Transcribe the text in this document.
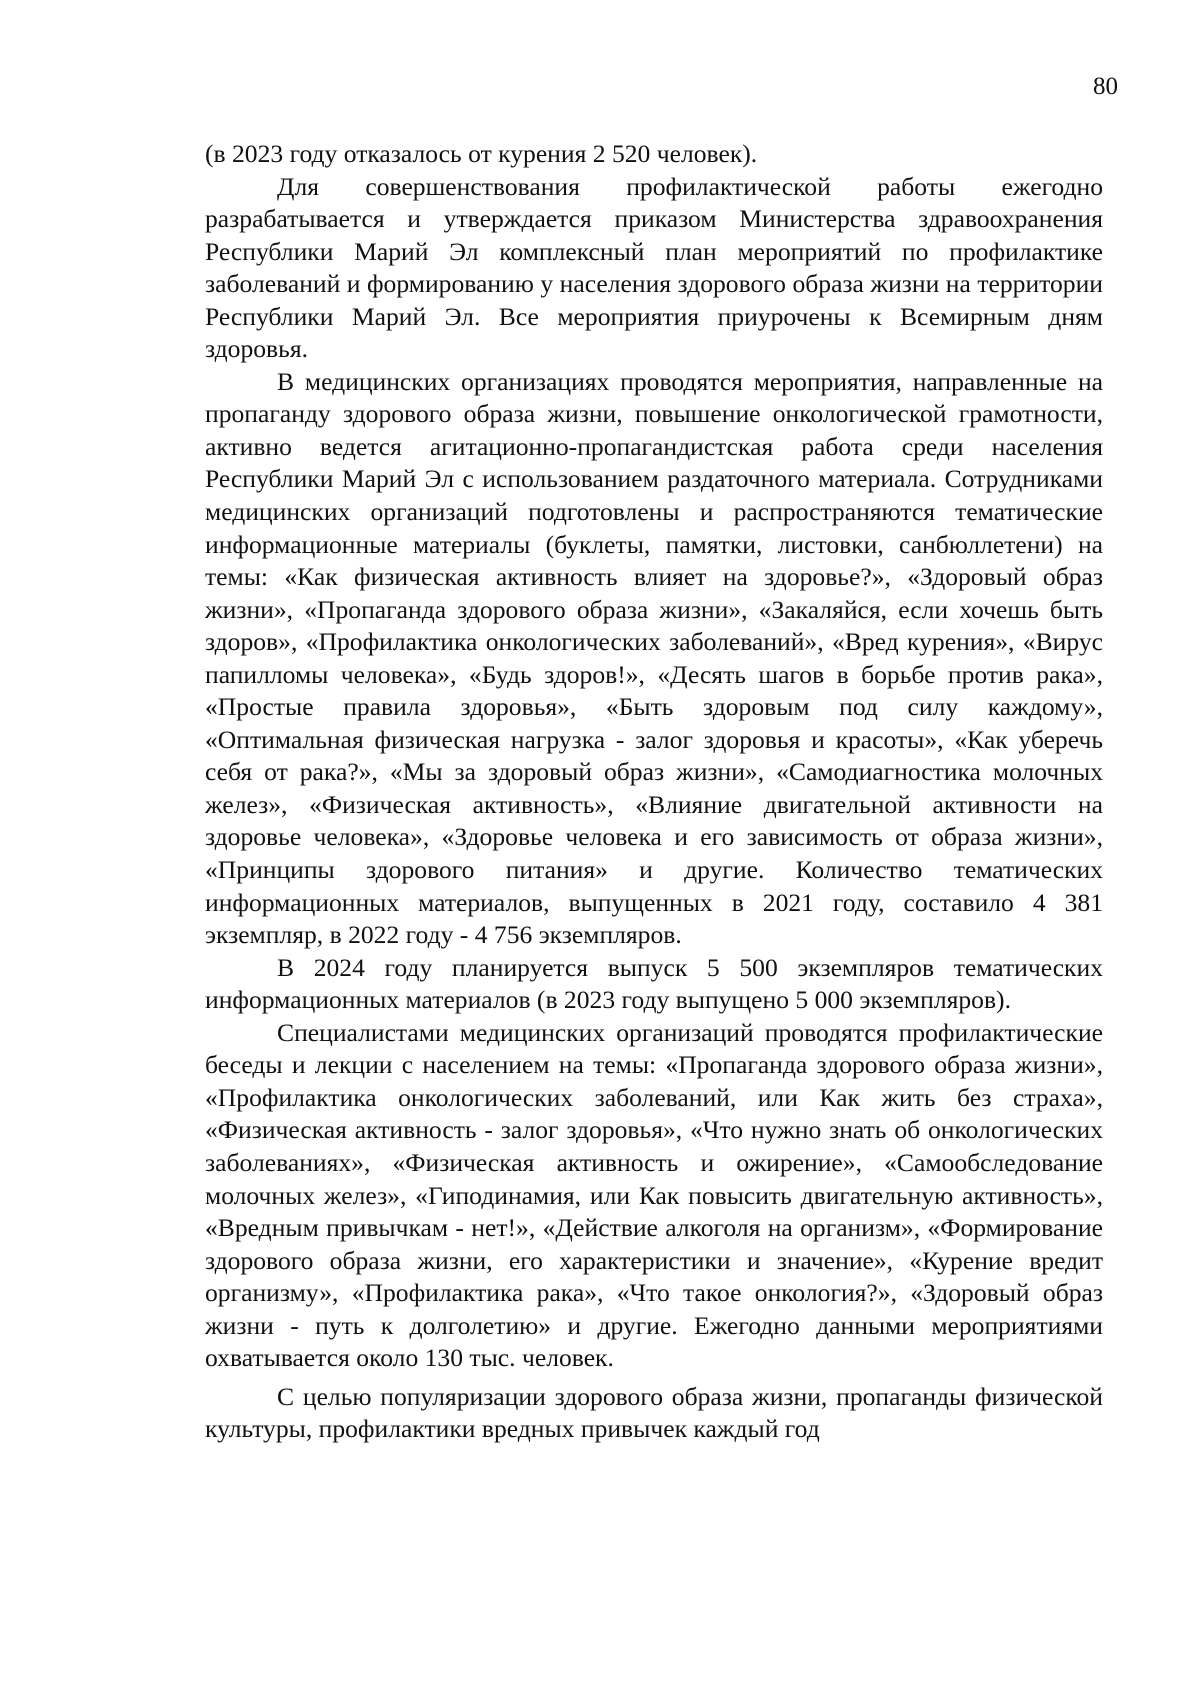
80

(в 2023 году отказалось от курения 2 520 человек).

Для совершенствования профилактической работы ежегодно разрабатывается и утверждается приказом Министерства здравоохранения Республики Марий Эл комплексный план мероприятий по профилактике заболеваний и формированию у населения здорового образа жизни на территории Республики Марий Эл. Все мероприятия приурочены к Всемирным дням здоровья.

В медицинских организациях проводятся мероприятия, направленные на пропаганду здорового образа жизни, повышение онкологической грамотности, активно ведется агитационно-пропагандистская работа среди населения Республики Марий Эл с использованием раздаточного материала. Сотрудниками медицинских организаций подготовлены и распространяются тематические информационные материалы (буклеты, памятки, листовки, санбюллетени) на темы: «Как физическая активность влияет на здоровье?», «Здоровый образ жизни», «Пропаганда здорового образа жизни», «Закаляйся, если хочешь быть здоров», «Профилактика онкологических заболеваний», «Вред курения», «Вирус папилломы человека», «Будь здоров!», «Десять шагов в борьбе против рака», «Простые правила здоровья», «Быть здоровым под силу каждому», «Оптимальная физическая нагрузка - залог здоровья и красоты», «Как уберечь себя от рака?», «Мы за здоровый образ жизни», «Самодиагностика молочных желез», «Физическая активность», «Влияние двигательной активности на здоровье человека», «Здоровье человека и его зависимость от образа жизни», «Принципы здорового питания» и другие. Количество тематических информационных материалов, выпущенных в 2021 году, составило 4 381 экземпляр, в 2022 году - 4 756 экземпляров.

В 2024 году планируется выпуск 5 500 экземпляров тематических информационных материалов (в 2023 году выпущено 5 000 экземпляров).

Специалистами медицинских организаций проводятся профилактические беседы и лекции с населением на темы: «Пропаганда здорового образа жизни», «Профилактика онкологических заболеваний, или Как жить без страха», «Физическая активность - залог здоровья», «Что нужно знать об онкологических заболеваниях», «Физическая активность и ожирение», «Самообследование молочных желез», «Гиподинамия, или Как повысить двигательную активность», «Вредным привычкам - нет!», «Действие алкоголя на организм», «Формирование здорового образа жизни, его характеристики и значение», «Курение вредит организму», «Профилактика рака», «Что такое онкология?», «Здоровый образ жизни - путь к долголетию» и другие. Ежегодно данными мероприятиями охватывается около 130 тыс. человек.

С целью популяризации здорового образа жизни, пропаганды физической культуры, профилактики вредных привычек каждый год
